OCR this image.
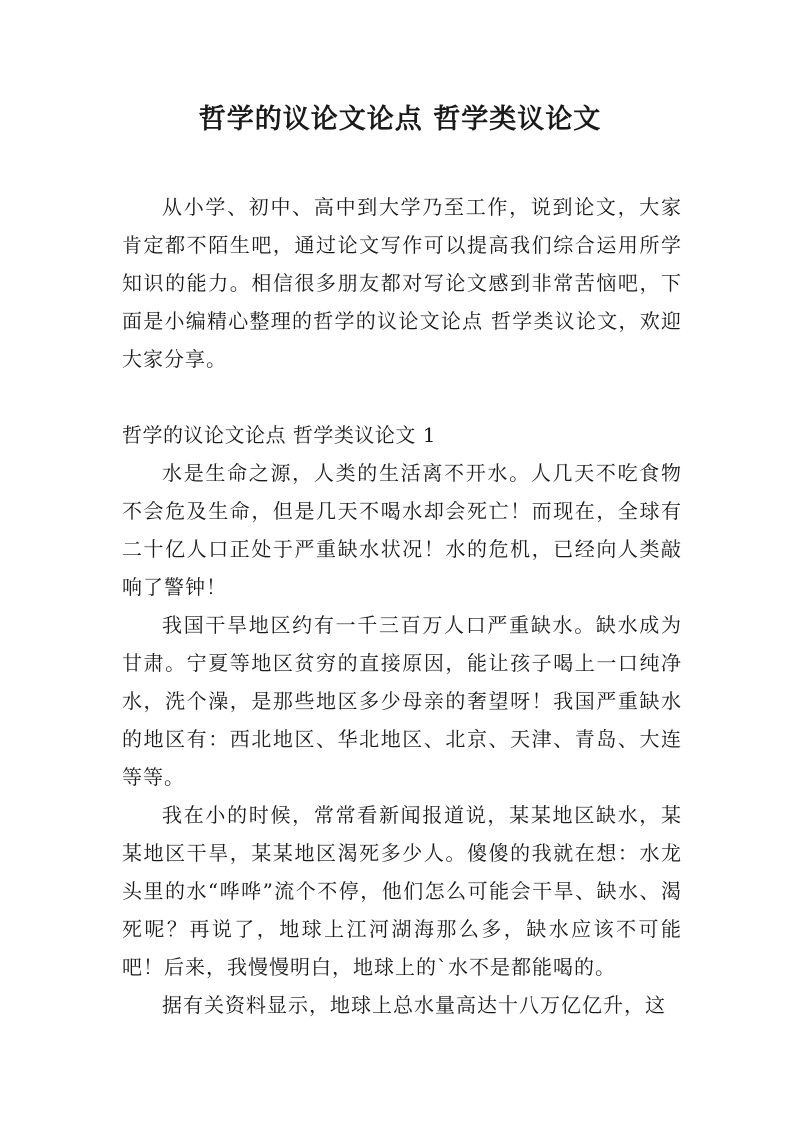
哲学的议论文论点 哲学类议论文

从小学、初中、高中到大学乃至工作，说到论文，大家肯定都不陌生吧，通过论文写作可以提高我们综合运用所学知识的能力。相信很多朋友都对写论文感到非常苦恼吧，下面是小编精心整理的哲学的议论文论点 哲学类议论文，欢迎大家分享。

哲学的议论文论点 哲学类议论文 1

水是生命之源，人类的生活离不开水。人几天不吃食物不会危及生命，但是几天不喝水却会死亡！而现在，全球有二十亿人口正处于严重缺水状况！水的危机，已经向人类敲响了警钟！

我国干旱地区约有一千三百万人口严重缺水。缺水成为甘肃。宁夏等地区贫穷的直接原因，能让孩子喝上一口纯净水，洗个澡，是那些地区多少母亲的奢望呀！我国严重缺水的地区有：西北地区、华北地区、北京、天津、青岛、大连等等。

我在小的时候，常常看新闻报道说，某某地区缺水，某某地区干旱，某某地区渴死多少人。傻傻的我就在想：水龙头里的水“哗哗”流个不停，他们怎么可能会干旱、缺水、渴死呢？再说了，地球上江河湖海那么多，缺水应该不可能吧！后来，我慢慢明白，地球上的`水不是都能喝的。

据有关资料显示，地球上总水量高达十八万亿亿升，这
